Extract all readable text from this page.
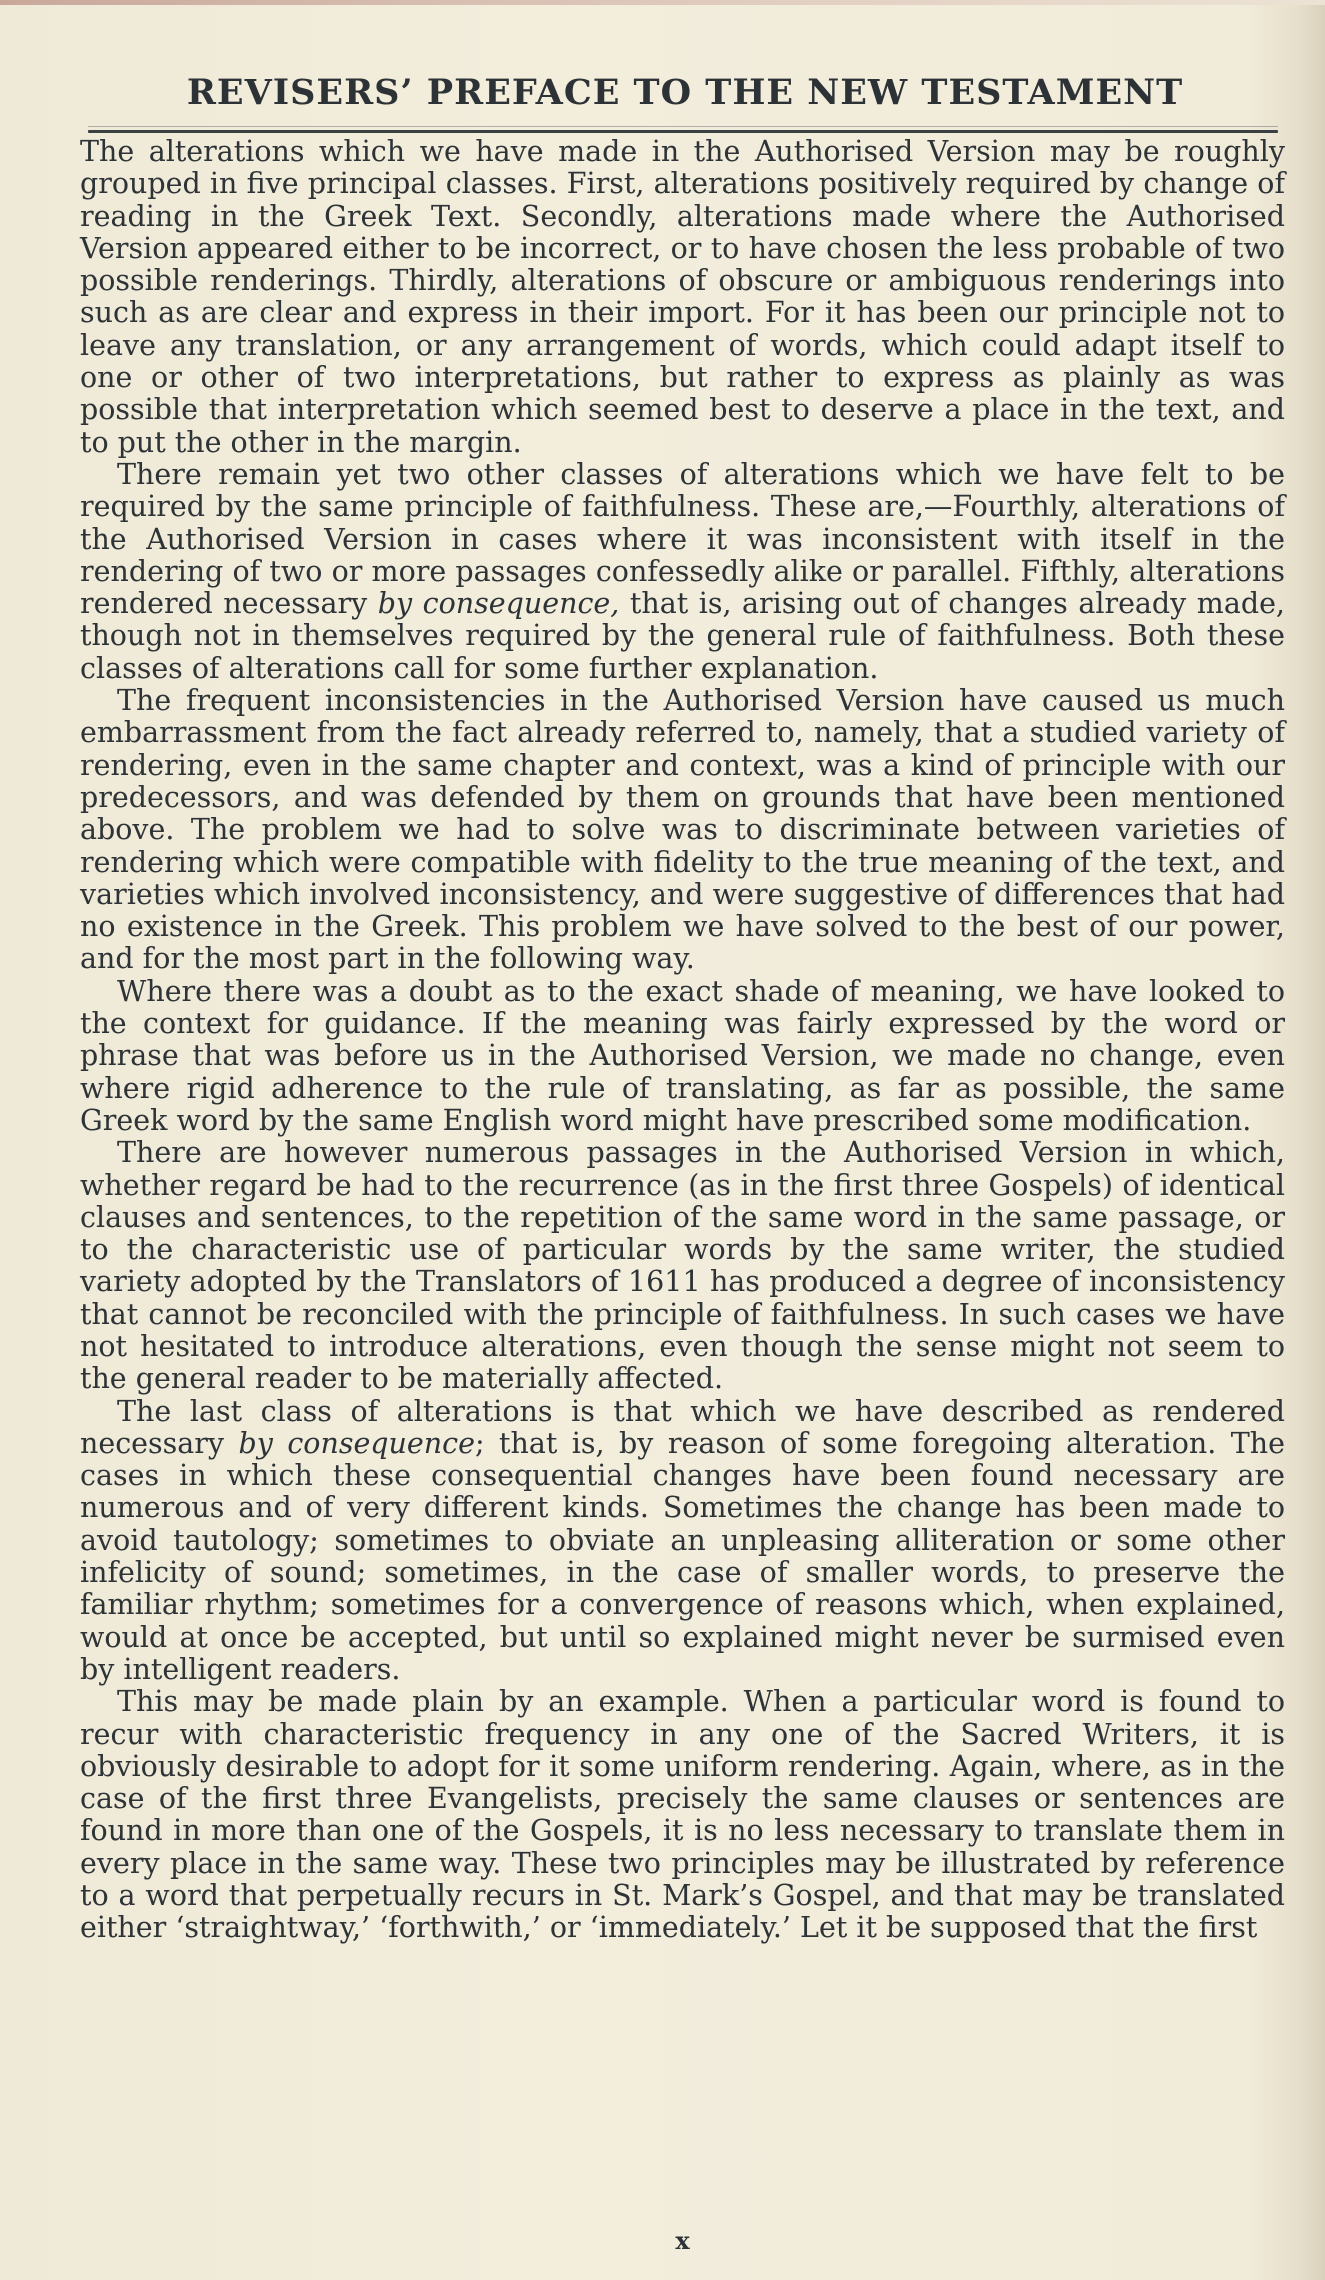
REVISERS’ PREFACE TO THE NEW TESTAMENT

The alterations which we have made in the Authorised Version may be roughly grouped in five principal classes. First, alterations positively required by change of reading in the Greek Text. Secondly, alterations made where the Authorised Version appeared either to be incorrect, or to have chosen the less probable of two possible renderings. Thirdly, alterations of obscure or ambiguous renderings into such as are clear and express in their import. For it has been our principle not to leave any translation, or any arrangement of words, which could adapt itself to one or other of two interpretations, but rather to express as plainly as was possible that interpretation which seemed best to deserve a place in the text, and to put the other in the margin.

There remain yet two other classes of alterations which we have felt to be required by the same principle of faithfulness. These are,—Fourthly, alterations of the Authorised Version in cases where it was inconsistent with itself in the rendering of two or more passages confessedly alike or parallel. Fifthly, alterations rendered necessary by consequence, that is, arising out of changes already made, though not in themselves required by the general rule of faithfulness. Both these classes of alterations call for some further explanation.

The frequent inconsistencies in the Authorised Version have caused us much embarrassment from the fact already referred to, namely, that a studied variety of rendering, even in the same chapter and context, was a kind of principle with our predecessors, and was defended by them on grounds that have been mentioned above. The problem we had to solve was to discriminate between varieties of rendering which were compatible with fidelity to the true meaning of the text, and varieties which involved inconsistency, and were suggestive of differences that had no existence in the Greek. This problem we have solved to the best of our power, and for the most part in the following way.

Where there was a doubt as to the exact shade of meaning, we have looked to the context for guidance. If the meaning was fairly expressed by the word or phrase that was before us in the Authorised Version, we made no change, even where rigid adherence to the rule of translating, as far as possible, the same Greek word by the same English word might have prescribed some modification.

There are however numerous passages in the Authorised Version in which, whether regard be had to the recurrence (as in the first three Gospels) of identical clauses and sentences, to the repetition of the same word in the same passage, or to the characteristic use of particular words by the same writer, the studied variety adopted by the Translators of 1611 has produced a degree of inconsistency that cannot be reconciled with the principle of faithfulness. In such cases we have not hesitated to introduce alterations, even though the sense might not seem to the general reader to be materially affected.

The last class of alterations is that which we have described as rendered necessary by consequence; that is, by reason of some foregoing alteration. The cases in which these consequential changes have been found necessary are numerous and of very different kinds. Sometimes the change has been made to avoid tautology; sometimes to obviate an unpleasing alliteration or some other infelicity of sound; sometimes, in the case of smaller words, to preserve the familiar rhythm; sometimes for a convergence of reasons which, when explained, would at once be accepted, but until so explained might never be surmised even by intelligent readers.

This may be made plain by an example. When a particular word is found to recur with characteristic frequency in any one of the Sacred Writers, it is obviously desirable to adopt for it some uniform rendering. Again, where, as in the case of the first three Evangelists, precisely the same clauses or sentences are found in more than one of the Gospels, it is no less necessary to translate them in every place in the same way. These two principles may be illustrated by reference to a word that perpetually recurs in St. Mark’s Gospel, and that may be translated either ‘straightway,’ ‘forthwith,’ or ‘immediately.’ Let it be supposed that the first

x
